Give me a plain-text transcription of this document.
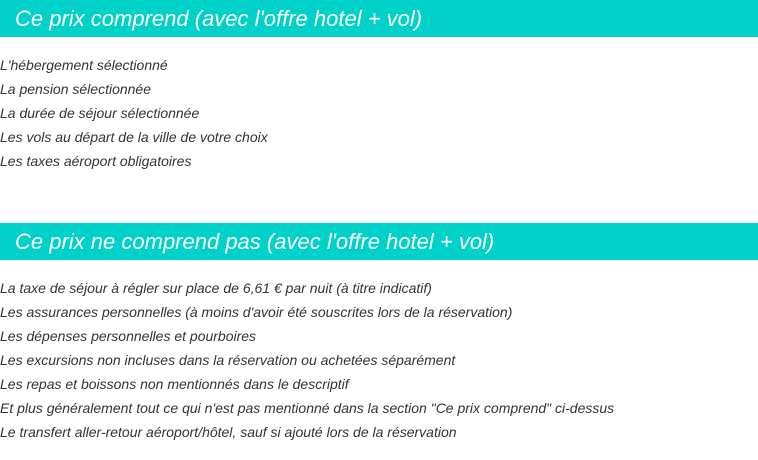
Ce prix comprend (avec l'offre hotel + vol)
L'hébergement sélectionné
La pension sélectionnée
La durée de séjour sélectionnée
Les vols au départ de la ville de votre choix
Les taxes aéroport obligatoires
Ce prix ne comprend pas (avec l'offre hotel + vol)
La taxe de séjour à régler sur place de 6,61 € par nuit (à titre indicatif)
Les assurances personnelles (à moins d'avoir été souscrites lors de la réservation)
Les dépenses personnelles et pourboires
Les excursions non incluses dans la réservation ou achetées séparément
Les repas et boissons non mentionnés dans le descriptif
Et plus généralement tout ce qui n'est pas mentionné dans la section "Ce prix comprend" ci-dessus
Le transfert aller-retour aéroport/hôtel, sauf si ajouté lors de la réservation
